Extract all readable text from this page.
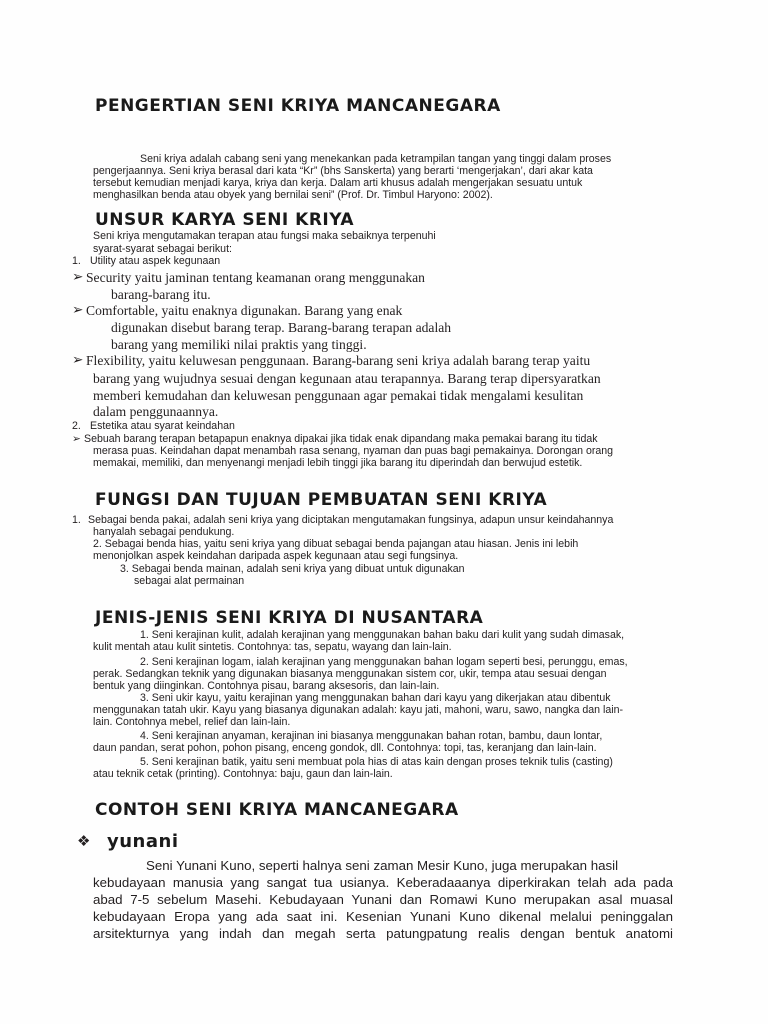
PENGERTIAN SENI KRIYA MANCANEGARA
Seni kriya adalah cabang seni yang menekankan pada ketrampilan tangan yang tinggi dalam proses
pengerjaannya. Seni kriya berasal dari kata “Kr” (bhs Sanskerta) yang berarti ‘mengerjakan’, dari akar kata
tersebut kemudian menjadi karya, kriya dan kerja. Dalam arti khusus adalah mengerjakan sesuatu untuk
menghasilkan benda atau obyek yang bernilai seni” (Prof. Dr. Timbul Haryono: 2002).
UNSUR KARYA SENI KRIYA
Seni kriya mengutamakan terapan atau fungsi maka sebaiknya terpenuhi
syarat-syarat sebagai berikut:
1. Utility atau aspek kegunaan
➢ Security yaitu jaminan tentang keamanan orang menggunakan
barang-barang itu.
➢ Comfortable, yaitu enaknya digunakan. Barang yang enak
digunakan disebut barang terap. Barang-barang terapan adalah
barang yang memiliki nilai praktis yang tinggi.
➢ Flexibility, yaitu keluwesan penggunaan. Barang-barang seni kriya adalah barang terap yaitu
barang yang wujudnya sesuai dengan kegunaan atau terapannya. Barang terap dipersyaratkan
memberi kemudahan dan keluwesan penggunaan agar pemakai tidak mengalami kesulitan
dalam penggunaannya.
2. Estetika atau syarat keindahan
➢ Sebuah barang terapan betapapun enaknya dipakai jika tidak enak dipandang maka pemakai barang itu tidak
merasa puas. Keindahan dapat menambah rasa senang, nyaman dan puas bagi pemakainya. Dorongan orang
memakai, memiliki, dan menyenangi menjadi lebih tinggi jika barang itu diperindah dan berwujud estetik.
FUNGSI DAN TUJUAN PEMBUATAN SENI KRIYA
1. Sebagai benda pakai, adalah seni kriya yang diciptakan mengutamakan fungsinya, adapun unsur keindahannya
hanyalah sebagai pendukung.
2. Sebagai benda hias, yaitu seni kriya yang dibuat sebagai benda pajangan atau hiasan. Jenis ini lebih
menonjolkan aspek keindahan daripada aspek kegunaan atau segi fungsinya.
3. Sebagai benda mainan, adalah seni kriya yang dibuat untuk digunakan
sebagai alat permainan
JENIS-JENIS SENI KRIYA DI NUSANTARA
1. Seni kerajinan kulit, adalah kerajinan yang menggunakan bahan baku dari kulit yang sudah dimasak,
kulit mentah atau kulit sintetis. Contohnya: tas, sepatu, wayang dan lain-lain.
2. Seni kerajinan logam, ialah kerajinan yang menggunakan bahan logam seperti besi, perunggu, emas,
perak. Sedangkan teknik yang digunakan biasanya menggunakan sistem cor, ukir, tempa atau sesuai dengan
bentuk yang diinginkan. Contohnya pisau, barang aksesoris, dan lain-lain.
3. Seni ukir kayu, yaitu kerajinan yang menggunakan bahan dari kayu yang dikerjakan atau dibentuk
menggunakan tatah ukir. Kayu yang biasanya digunakan adalah: kayu jati, mahoni, waru, sawo, nangka dan lain-
lain. Contohnya mebel, relief dan lain-lain.
4. Seni kerajinan anyaman, kerajinan ini biasanya menggunakan bahan rotan, bambu, daun lontar,
daun pandan, serat pohon, pohon pisang, enceng gondok, dll. Contohnya: topi, tas, keranjang dan lain-lain.
5. Seni kerajinan batik, yaitu seni membuat pola hias di atas kain dengan proses teknik tulis (casting)
atau teknik cetak (printing). Contohnya: baju, gaun dan lain-lain.
CONTOH SENI KRIYA MANCANEGARA
❖ yunani
Seni Yunani Kuno, seperti halnya seni zaman Mesir Kuno, juga merupakan hasil
kebudayaan manusia yang sangat tua usianya. Keberadaaanya diperkirakan telah ada pada
abad 7-5 sebelum Masehi. Kebudayaan Yunani dan Romawi Kuno merupakan asal muasal
kebudayaan Eropa yang ada saat ini. Kesenian Yunani Kuno dikenal melalui peninggalan
arsitekturnya yang indah dan megah serta patungpatung realis dengan bentuk anatomi
